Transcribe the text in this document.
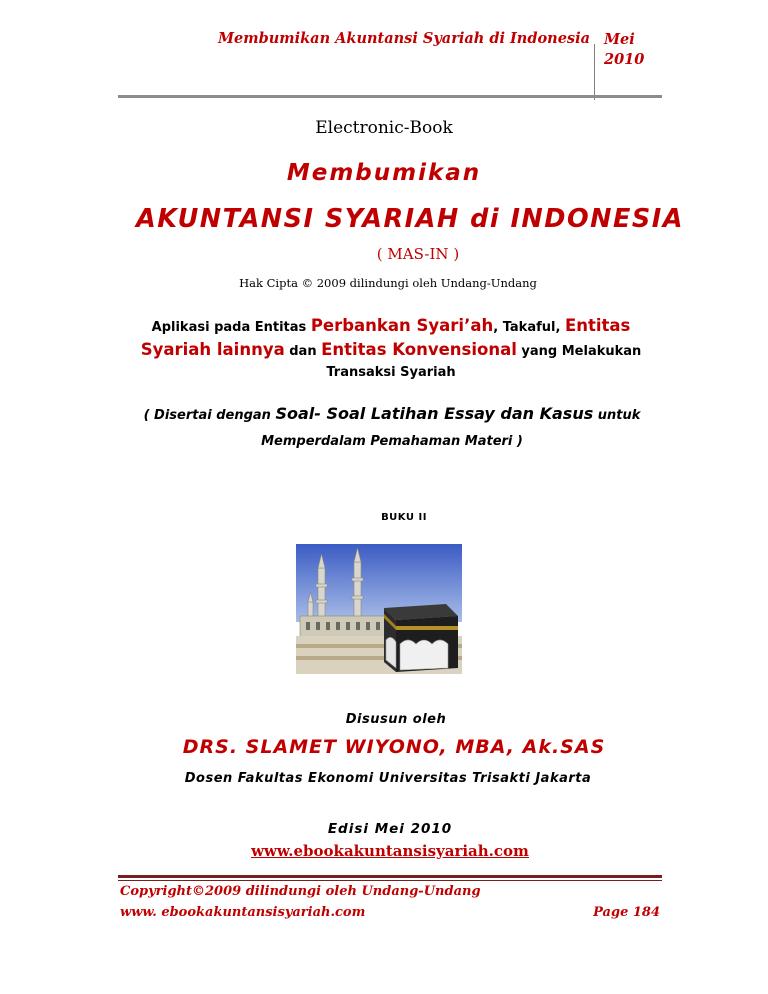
Membumikan Akuntansi Syariah di Indonesia Mei
2010
Electronic-Book
Membumikan
AKUNTANSI SYARIAH di INDONESIA
( MAS-IN )
Hak Cipta © 2009 dilindungi oleh Undang-Undang
Aplikasi pada Entitas Perbankan Syari’ah, Takaful, Entitas
Syariah lainnya dan Entitas Konvensional yang Melakukan
Transaksi Syariah
( Disertai dengan Soal- Soal Latihan Essay dan Kasus untuk
Memperdalam Pemahaman Materi )
BUKU II
Disusun oleh
DRS. SLAMET WIYONO, MBA, Ak.SAS
Dosen Fakultas Ekonomi Universitas Trisakti Jakarta
Edisi Mei 2010
www.ebookakuntansisyariah.com
Copyright©2009 dilindungi oleh Undang-Undang
www. ebookakuntansisyariah.com	Page 184
